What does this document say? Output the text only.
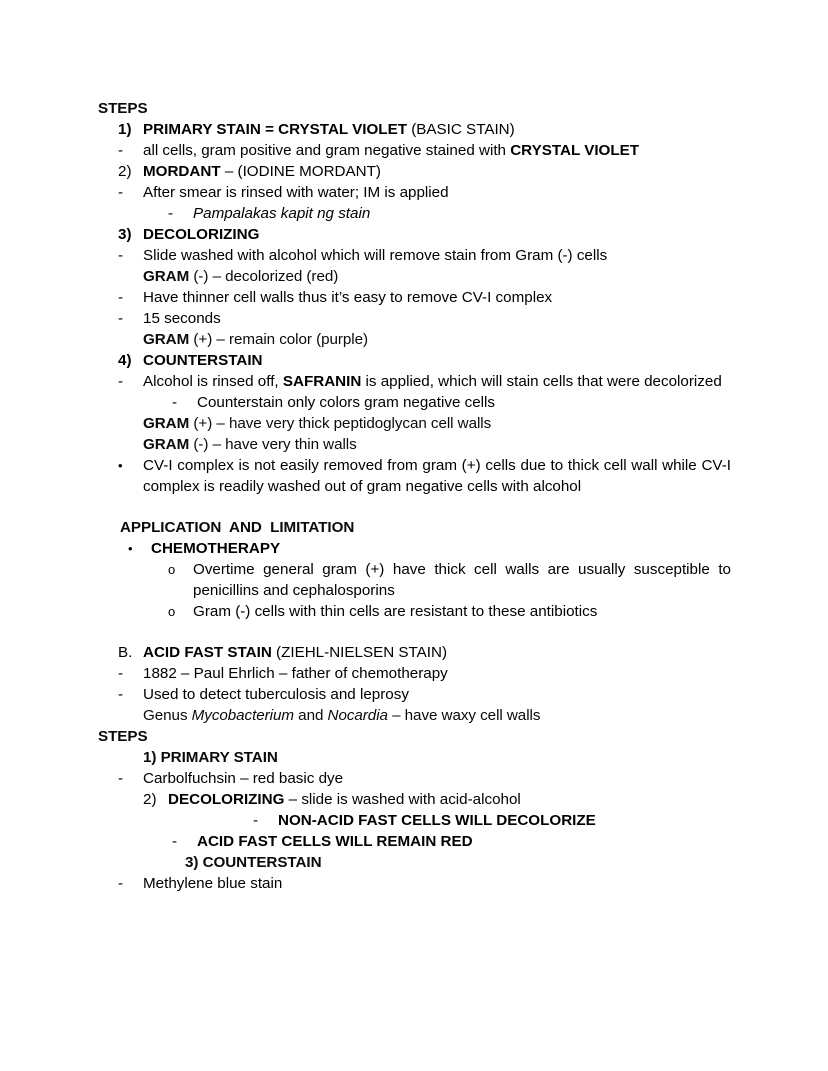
STEPS
1) PRIMARY STAIN = CRYSTAL VIOLET (BASIC STAIN)
-	all cells, gram positive and gram negative stained with CRYSTAL VIOLET
2) MORDANT – (IODINE MORDANT)
-	After smear is rinsed with water; IM is applied
-	Pampalakas kapit ng stain
3) DECOLORIZING
-	Slide washed with alcohol which will remove stain from Gram (-) cells
GRAM (-) – decolorized (red)
-	Have thinner cell walls thus it’s easy to remove CV-I complex
-	15 seconds
GRAM (+) – remain color (purple)
4) COUNTERSTAIN
-	Alcohol is rinsed off, SAFRANIN is applied, which will stain cells that were decolorized
-	Counterstain only colors gram negative cells
GRAM (+) – have very thick peptidoglycan cell walls
GRAM (-) – have very thin walls
•	CV-I complex is not easily removed from gram (+) cells due to thick cell wall while CV-I complex is readily washed out of gram negative cells with alcohol
APPLICATION  AND  LIMITATION
•	CHEMOTHERAPY
o	Overtime general gram (+) have thick cell walls are usually susceptible to penicillins and cephalosporins
o	Gram (-) cells with thin cells are resistant to these antibiotics
B. ACID FAST STAIN (ZIEHL-NIELSEN STAIN)
-	1882 – Paul Ehrlich – father of chemotherapy
-	Used to detect tuberculosis and leprosy
Genus Mycobacterium and Nocardia – have waxy cell walls
STEPS
1) PRIMARY STAIN
-	Carbolfuchsin – red basic dye
2) DECOLORIZING – slide is washed with acid-alcohol
-	NON-ACID FAST CELLS WILL DECOLORIZE
-	ACID FAST CELLS WILL REMAIN RED
3) COUNTERSTAIN
-	Methylene blue stain
